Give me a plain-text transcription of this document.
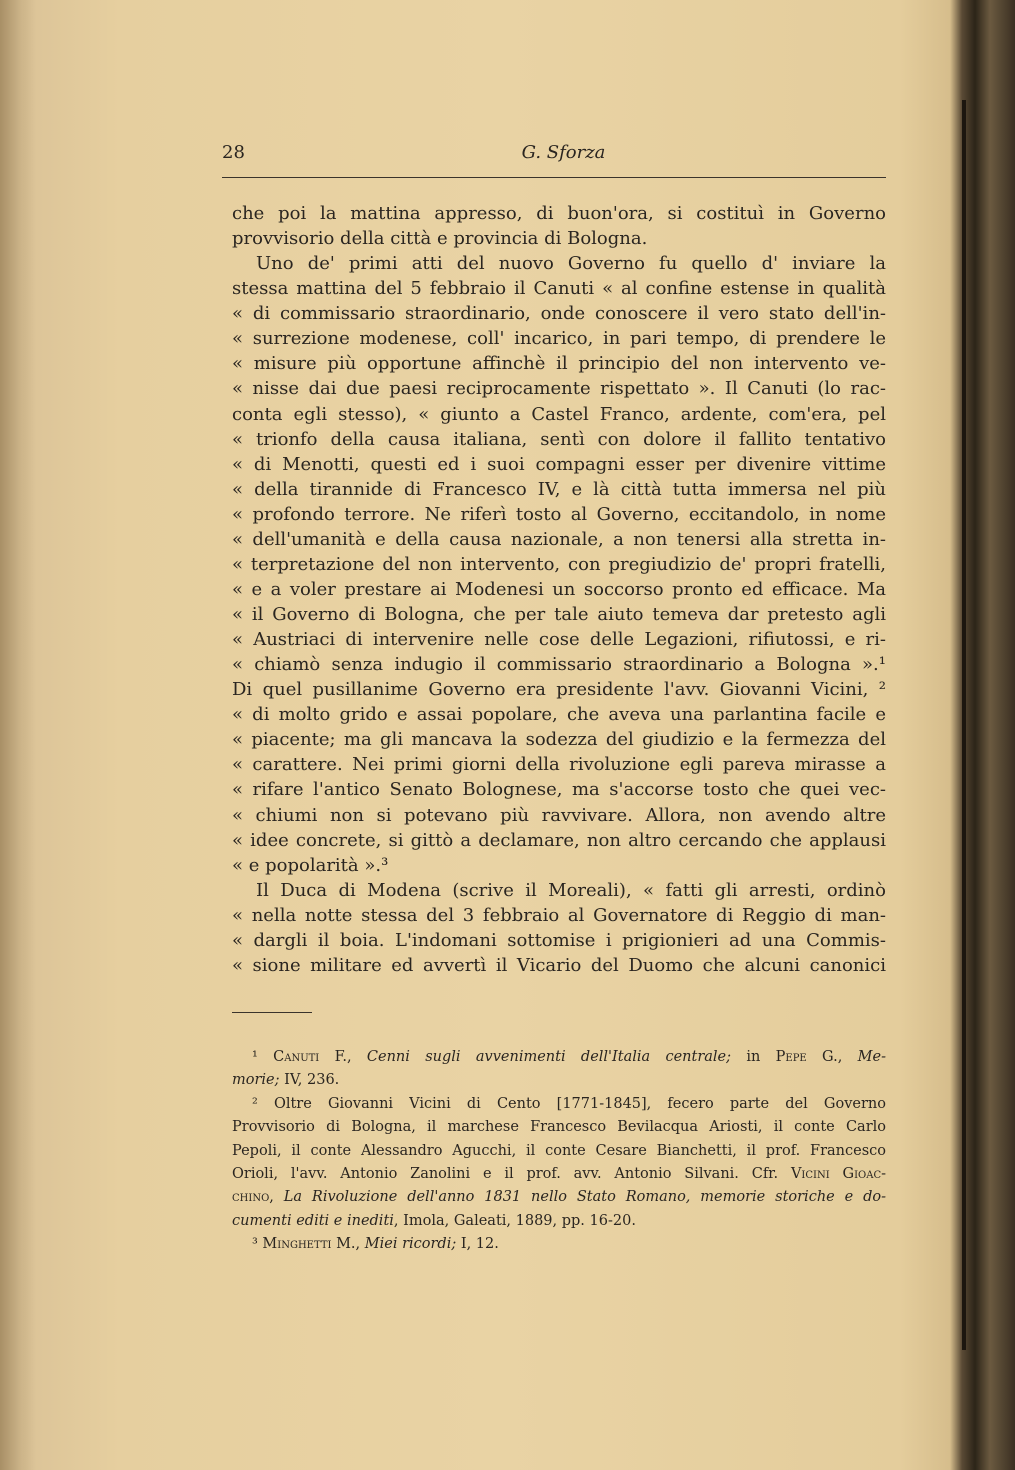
28	G. Sforza
che poi la mattina appresso, di buon'ora, si costituì in Governo
provvisorio della città e provincia di Bologna.
Uno de' primi atti del nuovo Governo fu quello d' inviare la
stessa mattina del 5 febbraio il Canuti « al confine estense in qualità
« di commissario straordinario, onde conoscere il vero stato dell'in-
« surrezione modenese, coll' incarico, in pari tempo, di prendere le
« misure più opportune affinchè il principio del non intervento ve-
« nisse dai due paesi reciprocamente rispettato ». Il Canuti (lo rac-
conta egli stesso), « giunto a Castel Franco, ardente, com'era, pel
« trionfo della causa italiana, sentì con dolore il fallito tentativo
« di Menotti, questi ed i suoi compagni esser per divenire vittime
« della tirannide di Francesco IV, e là città tutta immersa nel più
« profondo terrore. Ne riferì tosto al Governo, eccitandolo, in nome
« dell'umanità e della causa nazionale, a non tenersi alla stretta in-
« terpretazione del non intervento, con pregiudizio de' propri fratelli,
« e a voler prestare ai Modenesi un soccorso pronto ed efficace. Ma
« il Governo di Bologna, che per tale aiuto temeva dar pretesto agli
« Austriaci di intervenire nelle cose delle Legazioni, rifiutossi, e ri-
« chiamò senza indugio il commissario straordinario a Bologna ».¹
Di quel pusillanime Governo era presidente l'avv. Giovanni Vicini, ²
« di molto grido e assai popolare, che aveva una parlantina facile e
« piacente; ma gli mancava la sodezza del giudizio e la fermezza del
« carattere. Nei primi giorni della rivoluzione egli pareva mirasse a
« rifare l'antico Senato Bolognese, ma s'accorse tosto che quei vec-
« chiumi non si potevano più ravvivare. Allora, non avendo altre
« idee concrete, si gittò a declamare, non altro cercando che applausi
« e popolarità ».³
Il Duca di Modena (scrive il Moreali), « fatti gli arresti, ordinò
« nella notte stessa del 3 febbraio al Governatore di Reggio di man-
« dargli il boia. L'indomani sottomise i prigionieri ad una Commis-
« sione militare ed avvertì il Vicario del Duomo che alcuni canonici
¹ Canuti F., Cenni sugli avvenimenti dell'Italia centrale; in Pepe G., Me-
morie; IV, 236.
² Oltre Giovanni Vicini di Cento [1771-1845], fecero parte del Governo
Provvisorio di Bologna, il marchese Francesco Bevilacqua Ariosti, il conte Carlo
Pepoli, il conte Alessandro Agucchi, il conte Cesare Bianchetti, il prof. Francesco
Orioli, l'avv. Antonio Zanolini e il prof. avv. Antonio Silvani. Cfr. Vicini Gioac-
chino, La Rivoluzione dell'anno 1831 nello Stato Romano, memorie storiche e do-
cumenti editi e inediti, Imola, Galeati, 1889, pp. 16-20.
³ Minghetti M., Miei ricordi; I, 12.
